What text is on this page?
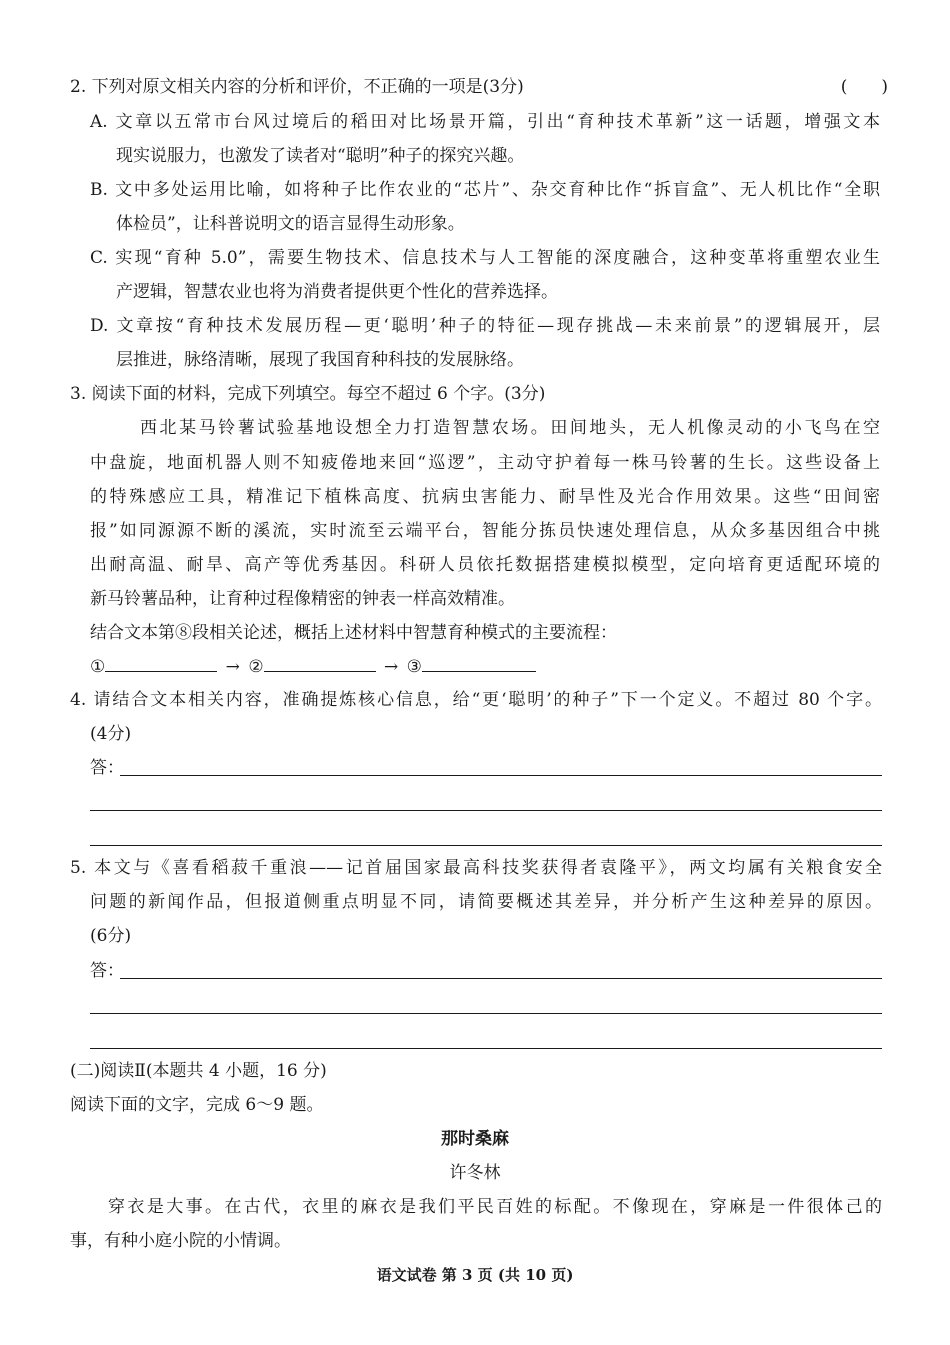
2. 下列对原文相关内容的分析和评价，不正确的一项是(3分)	(　　)
A. 文章以五常市台风过境后的稻田对比场景开篇，引出“育种技术革新”这一话题，增强文本
现实说服力，也激发了读者对“聪明”种子的探究兴趣。
B. 文中多处运用比喻，如将种子比作农业的“芯片”、杂交育种比作“拆盲盒”、无人机比作“全职
体检员”，让科普说明文的语言显得生动形象。
C. 实现“育种 5.0”，需要生物技术、信息技术与人工智能的深度融合，这种变革将重塑农业生
产逻辑，智慧农业也将为消费者提供更个性化的营养选择。
D. 文章按“育种技术发展历程—更‘聪明’种子的特征—现存挑战—未来前景”的逻辑展开，层
层推进，脉络清晰，展现了我国育种科技的发展脉络。
3. 阅读下面的材料，完成下列填空。每空不超过 6 个字。(3分)
西北某马铃薯试验基地设想全力打造智慧农场。田间地头，无人机像灵动的小飞鸟在空
中盘旋，地面机器人则不知疲倦地来回“巡逻”，主动守护着每一株马铃薯的生长。这些设备上
的特殊感应工具，精准记下植株高度、抗病虫害能力、耐旱性及光合作用效果。这些“田间密
报”如同源源不断的溪流，实时流至云端平台，智能分拣员快速处理信息，从众多基因组合中挑
出耐高温、耐旱、高产等优秀基因。科研人员依托数据搭建模拟模型，定向培育更适配环境的
新马铃薯品种，让育种过程像精密的钟表一样高效精准。
结合文本第⑧段相关论述，概括上述材料中智慧育种模式的主要流程：
①	→ ②	→ ③
4. 请结合文本相关内容，准确提炼核心信息，给“更‘聪明’的种子”下一个定义。不超过 80 个字。
(4分)
答：
5. 本文与《喜看稻菽千重浪——记首届国家最高科技奖获得者袁隆平》，两文均属有关粮食安全
问题的新闻作品，但报道侧重点明显不同，请简要概述其差异，并分析产生这种差异的原因。
(6分)
答：
(二)阅读Ⅱ(本题共 4 小题，16 分)
阅读下面的文字，完成 6～9 题。
那时桑麻
许冬林
穿衣是大事。在古代，衣里的麻衣是我们平民百姓的标配。不像现在，穿麻是一件很体己的
事，有种小庭小院的小情调。
语文试卷 第 3 页 (共 10 页)
